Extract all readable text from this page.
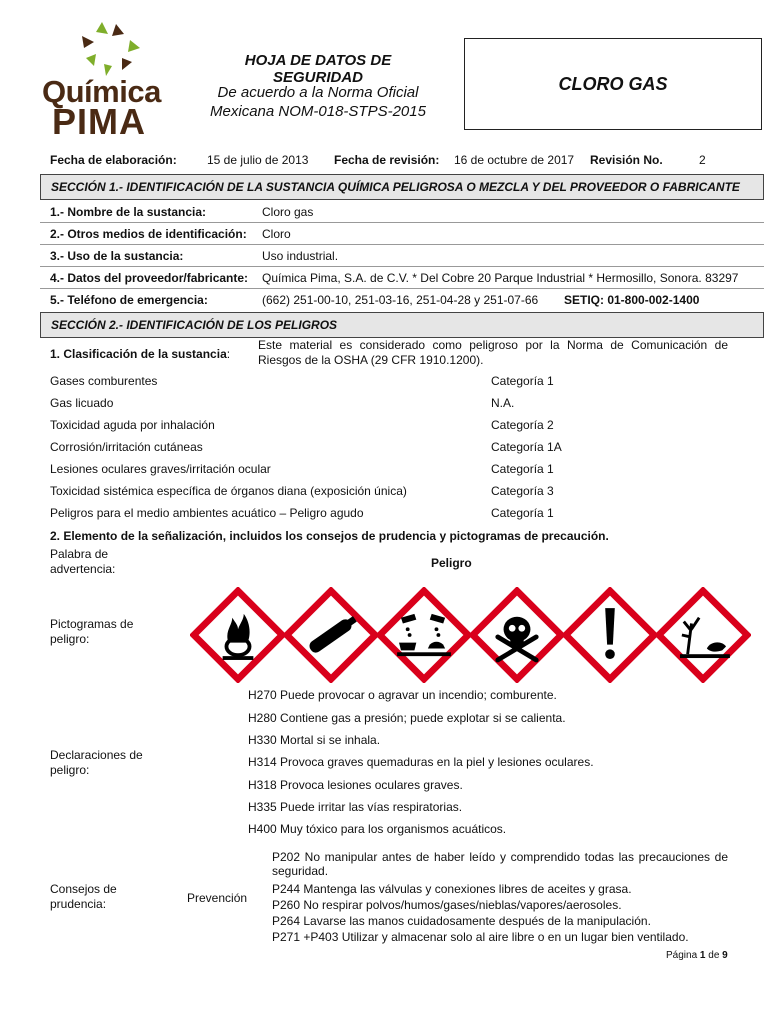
Química
PIMA
HOJA DE DATOS DE SEGURIDAD
De acuerdo a la Norma Oficial
Mexicana NOM-018-STPS-2015
CLORO GAS
Fecha de elaboración:	15 de julio de 2013 Fecha de revisión: 16 de octubre de 2017 Revisión No.	2
SECCIÓN 1.- IDENTIFICACIÓN DE LA SUSTANCIA QUÍMICA PELIGROSA O MEZCLA Y DEL PROVEEDOR O FABRICANTE
1.- Nombre de la sustancia:	Cloro gas
2.- Otros medios de identificación: Cloro
3.- Uso de la sustancia:	Uso industrial.
4.- Datos del proveedor/fabricante: Química Pima, S.A. de C.V. * Del Cobre 20 Parque Industrial * Hermosillo, Sonora. 83297
5.- Teléfono de emergencia:	(662) 251-00-10, 251-03-16, 251-04-28 y 251-07-66 SETIQ: 01-800-002-1400
SECCIÓN 2.- IDENTIFICACIÓN DE LOS PELIGROS
1. Clasificación de la sustancia:
Este material es considerado como peligroso por la Norma de Comunicación de Riesgos de la OSHA (29 CFR 1910.1200).
Gases comburentes	Categoría 1
Gas licuado	N.A.
Toxicidad aguda por inhalación	Categoría 2
Corrosión/irritación cutáneas	Categoría 1A
Lesiones oculares graves/irritación ocular	Categoría 1
Toxicidad sistémica específica de órganos diana (exposición única)	Categoría 3
Peligros para el medio ambientes acuático – Peligro agudo	Categoría 1
2. Elemento de la señalización, incluidos los consejos de prudencia y pictogramas de precaución.
Palabra de
advertencia:	Peligro
Pictogramas de
peligro:
Declaraciones de
peligro:
H270 Puede provocar o agravar un incendio; comburente.
H280 Contiene gas a presión; puede explotar si se calienta.
H330 Mortal si se inhala.
H314 Provoca graves quemaduras en la piel y lesiones oculares.
H318 Provoca lesiones oculares graves.
H335 Puede irritar las vías respiratorias.
H400 Muy tóxico para los organismos acuáticos.
Consejos de
prudencia:	Prevención
P202 No manipular antes de haber leído y comprendido todas las precauciones de seguridad.
P244 Mantenga las válvulas y conexiones libres de aceites y grasa.
P260 No respirar polvos/humos/gases/nieblas/vapores/aerosoles.
P264 Lavarse las manos cuidadosamente después de la manipulación.
P271 +P403 Utilizar y almacenar solo al aire libre o en un lugar bien ventilado.
Página 1 de 9
